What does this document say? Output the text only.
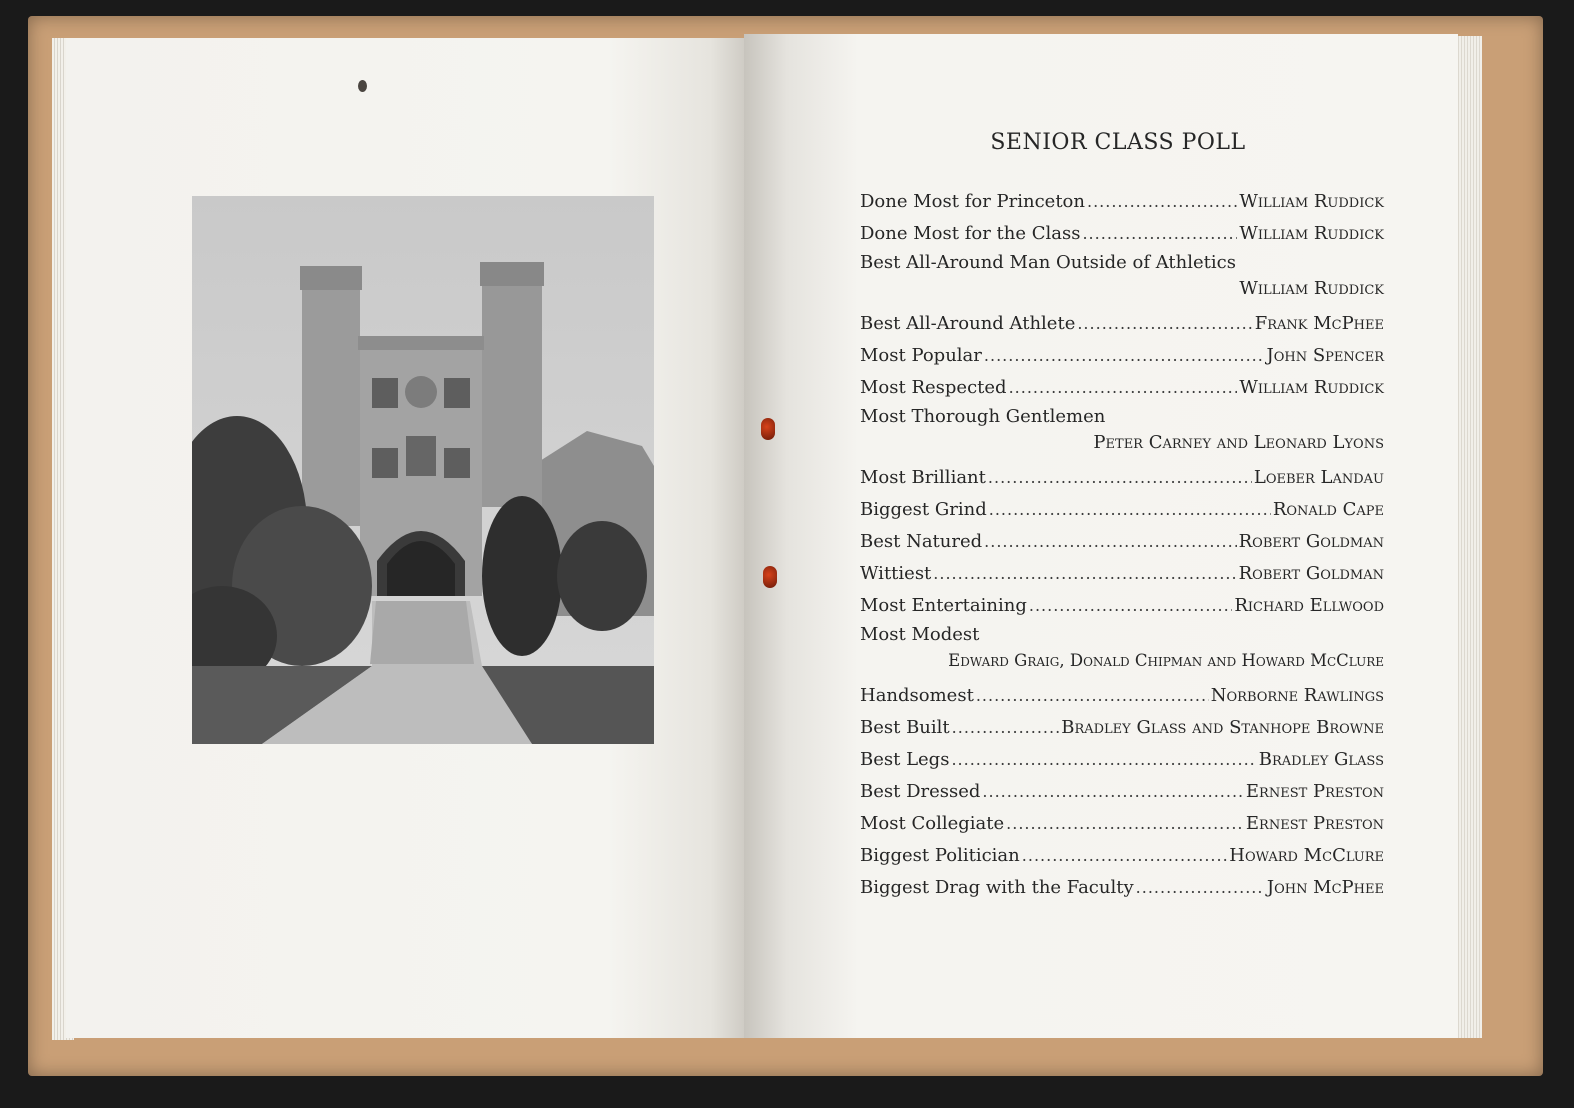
SENIOR CLASS POLL
Done Most for Princeton .....	William Ruddick
Done Most for the Class .....	William Ruddick
Best All-Around Man Outside of Athletics
William Ruddick
Best All-Around Athlete .....	Frank McPhee
Most Popular .....	John Spencer
Most Respected .....	William Ruddick
Most Thorough Gentlemen
Peter Carney and Leonard Lyons
Most Brilliant .....	Loeber Landau
Biggest Grind .....	Ronald Cape
Best Natured .....	Robert Goldman
Wittiest .....	Robert Goldman
Most Entertaining .....	Richard Ellwood
Most Modest
Edward Graig, Donald Chipman and Howard McClure
Handsomest .....	Norborne Rawlings
Best Built .....	Bradley Glass and Stanhope Browne
Best Legs .....	Bradley Glass
Best Dressed .....	Ernest Preston
Most Collegiate .....	Ernest Preston
Biggest Politician .....	Howard McClure
Biggest Drag with the Faculty .....	John McPhee
